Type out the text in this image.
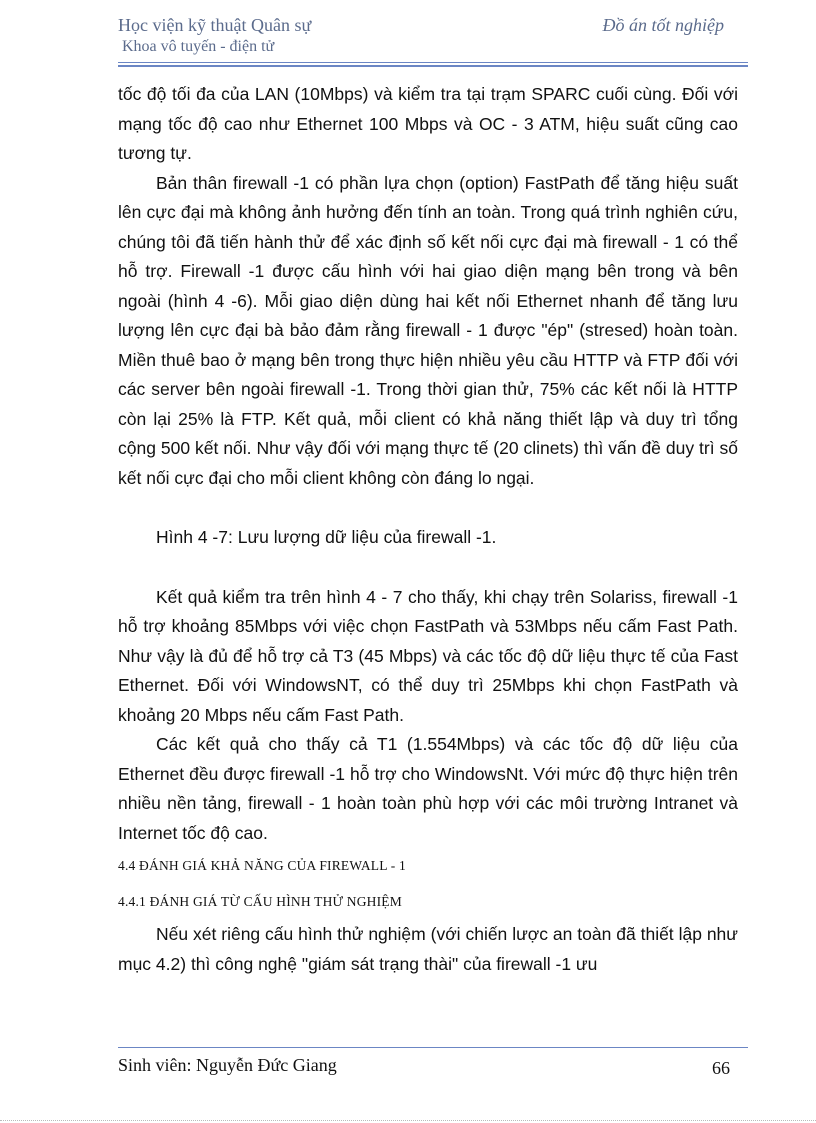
Học viện kỹ thuật Quân sự
Khoa vô tuyến - điện tử
Đồ án tốt nghiệp

tốc độ tối đa của LAN (10Mbps) và kiểm tra tại trạm SPARC cuối cùng. Đối với mạng tốc độ cao như Ethernet 100 Mbps và OC - 3 ATM, hiệu suất cũng cao tương tự.

Bản thân firewall -1 có phần lựa chọn (option) FastPath để tăng hiệu suất lên cực đại mà không ảnh hưởng đến tính an toàn. Trong quá trình nghiên cứu, chúng tôi đã tiến hành thử để xác định số kết nối cực đại mà firewall - 1 có thể hỗ trợ. Firewall -1 được cấu hình với hai giao diện mạng bên trong và bên ngoài (hình 4 -6). Mỗi giao diện dùng hai kết nối Ethernet nhanh để tăng lưu lượng lên cực đại bà bảo đảm rằng firewall - 1 được "ép" (stresed) hoàn toàn. Miền thuê bao ở mạng bên trong thực hiện nhiều yêu cầu HTTP và FTP đối với các server bên ngoài firewall -1. Trong thời gian thử, 75% các kết nối là HTTP còn lại 25% là FTP. Kết quả, mỗi client có khả năng thiết lập và duy trì tổng cộng 500 kết nối. Như vậy đối với mạng thực tế (20 clinets) thì vấn đề duy trì số kết nối cực đại cho mỗi client không còn đáng lo ngại.

Hình 4 -7: Lưu lượng dữ liệu của firewall -1.

Kết quả kiểm tra trên hình 4 - 7 cho thấy, khi chạy trên Solariss, firewall -1 hỗ trợ khoảng 85Mbps với việc chọn FastPath và 53Mbps nếu cấm Fast Path. Như vậy là đủ để hỗ trợ cả T3 (45 Mbps) và các tốc độ dữ liệu thực tế của Fast Ethernet. Đối với WindowsNT, có thể duy trì 25Mbps khi chọn FastPath và khoảng 20 Mbps nếu cấm Fast Path.

Các kết quả cho thấy cả T1 (1.554Mbps) và các tốc độ dữ liệu của Ethernet đều được firewall -1 hỗ trợ cho WindowsNt. Với mức độ thực hiện trên nhiều nền tảng, firewall - 1 hoàn toàn phù hợp với các môi trường Intranet và Internet tốc độ cao.

4.4 ĐÁNH GIÁ KHẢ NĂNG CỦA FIREWALL - 1
4.4.1 ĐÁNH GIÁ TỪ CẤU HÌNH THỬ NGHIỆM

Nếu xét riêng cấu hình thử nghiệm (với chiến lược an toàn đã thiết lập như mục 4.2) thì công nghệ "giám sát trạng thài" của firewall -1 ưu

Sinh viên: Nguyễn Đức Giang	66
